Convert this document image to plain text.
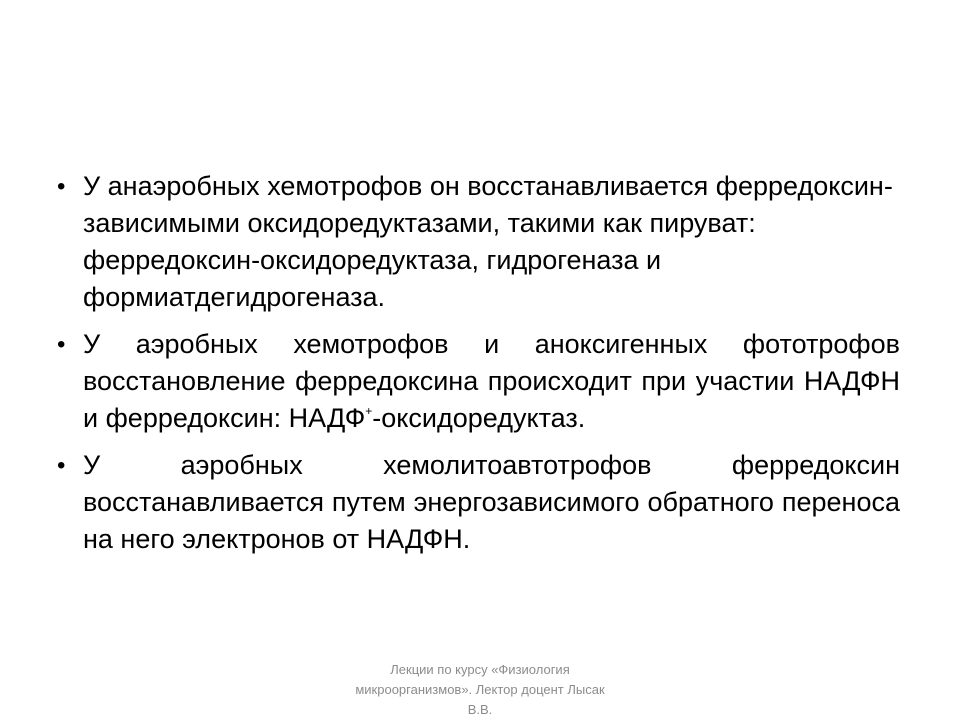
• У анаэробных хемотрофов он восстанавливается ферредоксин-зависимыми оксидоредуктазами, такими как пируват: ферредоксин-оксидоредуктаза, гидрогеназа и формиатдегидрогеназа.
• У аэробных хемотрофов и аноксигенных фототрофов восстановление ферредоксина происходит при участии НАДФН и ферредоксин: НАДФ+-оксидоредуктаз.
• У аэробных хемолитоавтотрофов ферредоксин восстанавливается путем энергозависимого обратного переноса на него электронов от НАДФН.
Лекции по курсу «Физиология
микроорганизмов». Лектор доцент Лысак
В.В.
